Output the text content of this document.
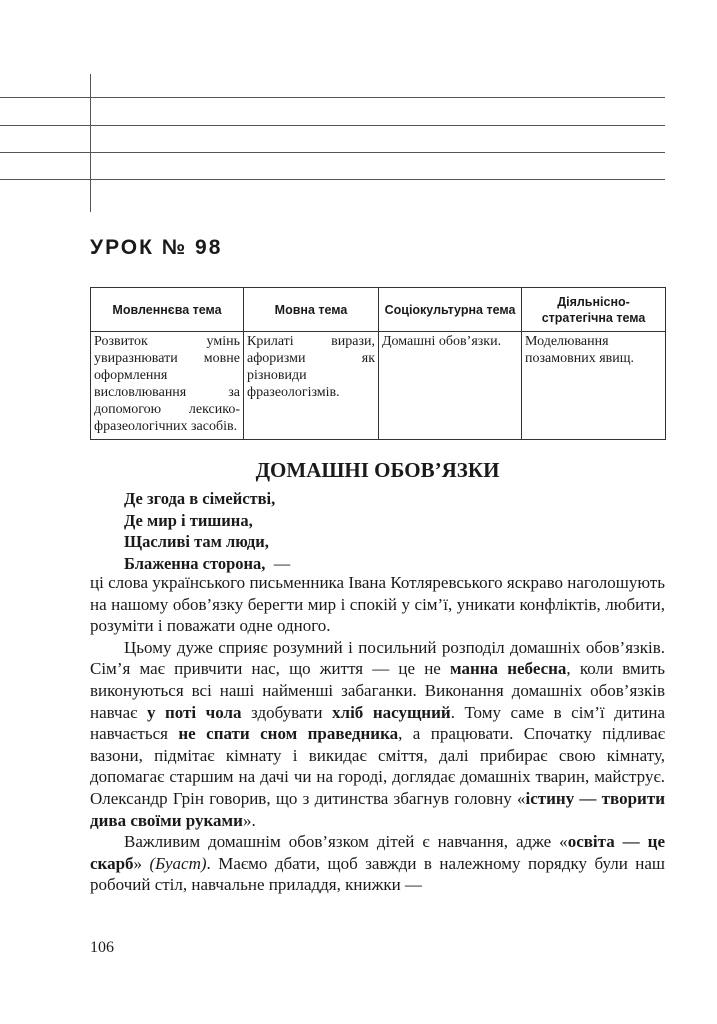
УРОК № 98
Мовленнєва тема	Мовна тема	Соціокультурна тема	Діяльнісно-стратегічна тема
Розвиток умінь увиразнювати мовне оформлення висловлювання за допомогою лексико-фразеологічних засобів.	Крилаті вирази, афоризми як різновиди фразеологізмів.	Домашні обов’язки.	Моделювання позамовних явищ.
ДОМАШНІ ОБОВ’ЯЗКИ
Де згода в сімействі,
Де мир і тишина,
Щасливі там люди,
Блаженна сторона, —

ці слова українського письменника Івана Котляревського яскраво наголошують на нашому обов’язку берегти мир і спокій у сім’ї, уникати конфліктів, любити, розуміти і поважати одне одного.

Цьому дуже сприяє розумний і посильний розподіл домашніх обов’язків. Сім’я має привчити нас, що життя — це не манна небесна, коли вмить виконуються всі наші найменші забаганки. Виконання домашніх обов’язків навчає у поті чола здобувати хліб насущний. Тому саме в сім’ї дитина навчається не спати сном праведника, а працювати. Спочатку підливає вазони, підмітає кімнату і викидає сміття, далі прибирає свою кімнату, допомагає старшим на дачі чи на городі, доглядає домашніх тварин, майструє. Олександр Грін говорив, що з дитинства збагнув головну «істину — творити дива своїми руками».

Важливим домашнім обов’язком дітей є навчання, адже «освіта — це скарб» (Буаст). Маємо дбати, щоб завжди в належному порядку були наш робочий стіл, навчальне приладдя, книжки —

106
